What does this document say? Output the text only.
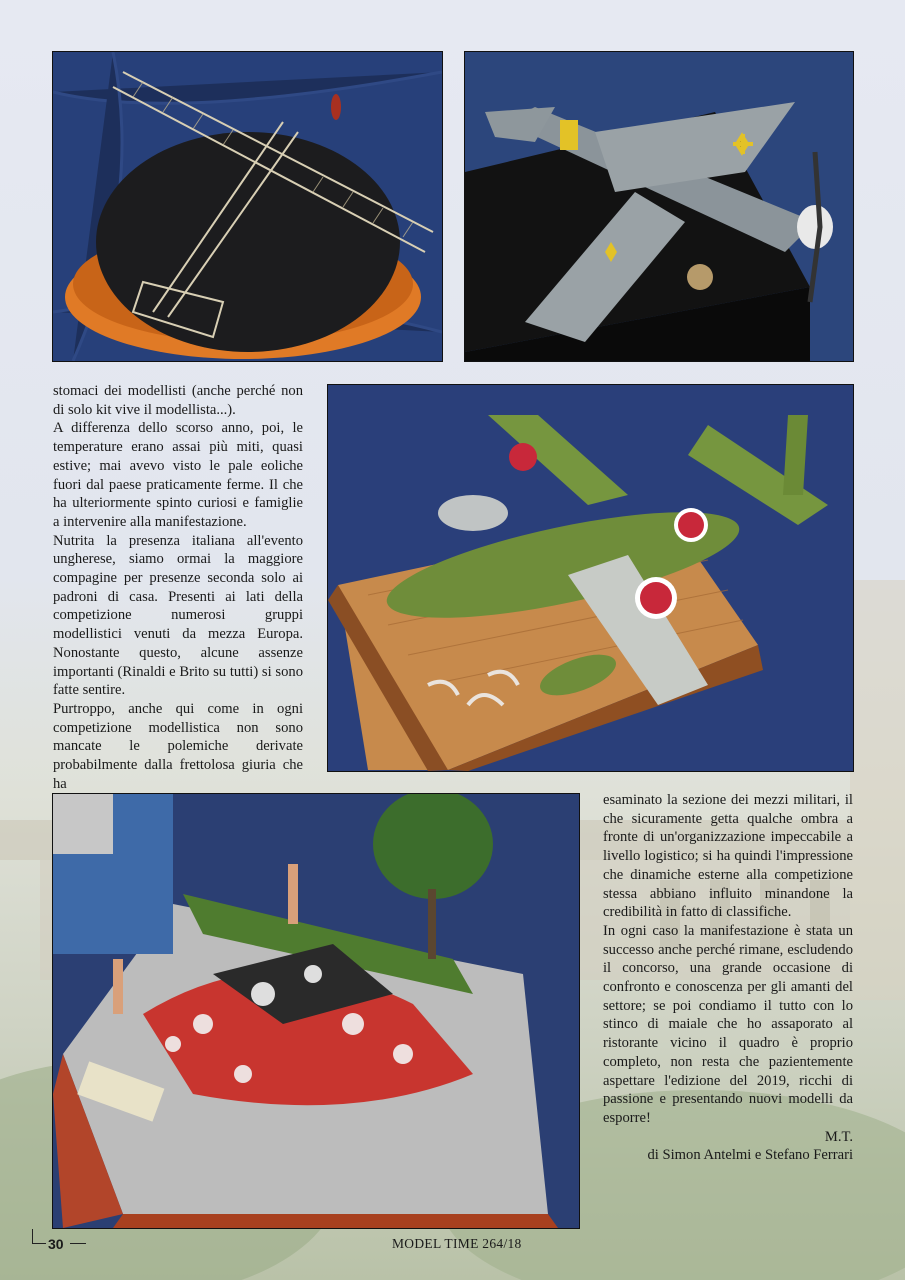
stomaci dei modellisti (anche perché non di solo kit vive il modellista...).

A differenza dello scorso anno, poi, le temperature erano assai più miti, quasi estive; mai avevo visto le pale eoliche fuori dal paese praticamente ferme. Il che ha ulteriormente spinto curiosi e famiglie a intervenire alla manifestazione.

Nutrita la presenza italiana all'evento ungherese, siamo ormai la maggiore compagine per presenze seconda solo ai padroni di casa. Presenti ai lati della competizione numerosi gruppi modellistici venuti da mezza Europa. Nonostante questo, alcune assenze importanti (Rinaldi e Brito su tutti) si sono fatte sentire.

Purtroppo, anche qui come in ogni competizione modellistica non sono mancate le polemiche derivate probabilmente dalla frettolosa giuria che ha

esaminato la sezione dei mezzi militari, il che sicuramente getta qualche ombra a fronte di un'organizzazione impeccabile a livello logistico; si ha quindi l'impressione che dinamiche esterne alla competizione stessa abbiano influito minandone la credibilità in fatto di classifiche.

In ogni caso la manifestazione è stata un successo anche perché rimane, escludendo il concorso, una grande occasione di confronto e conoscenza per gli amanti del settore; se poi condiamo il tutto con lo stinco di maiale che ho assaporato al ristorante vicino il quadro è proprio completo, non resta che pazientemente aspettare l'edizione del 2019, ricchi di passione e presentando nuovi modelli da esporre!

M.T.

di Simon Antelmi e Stefano Ferrari

30	MODEL TIME 264/18
